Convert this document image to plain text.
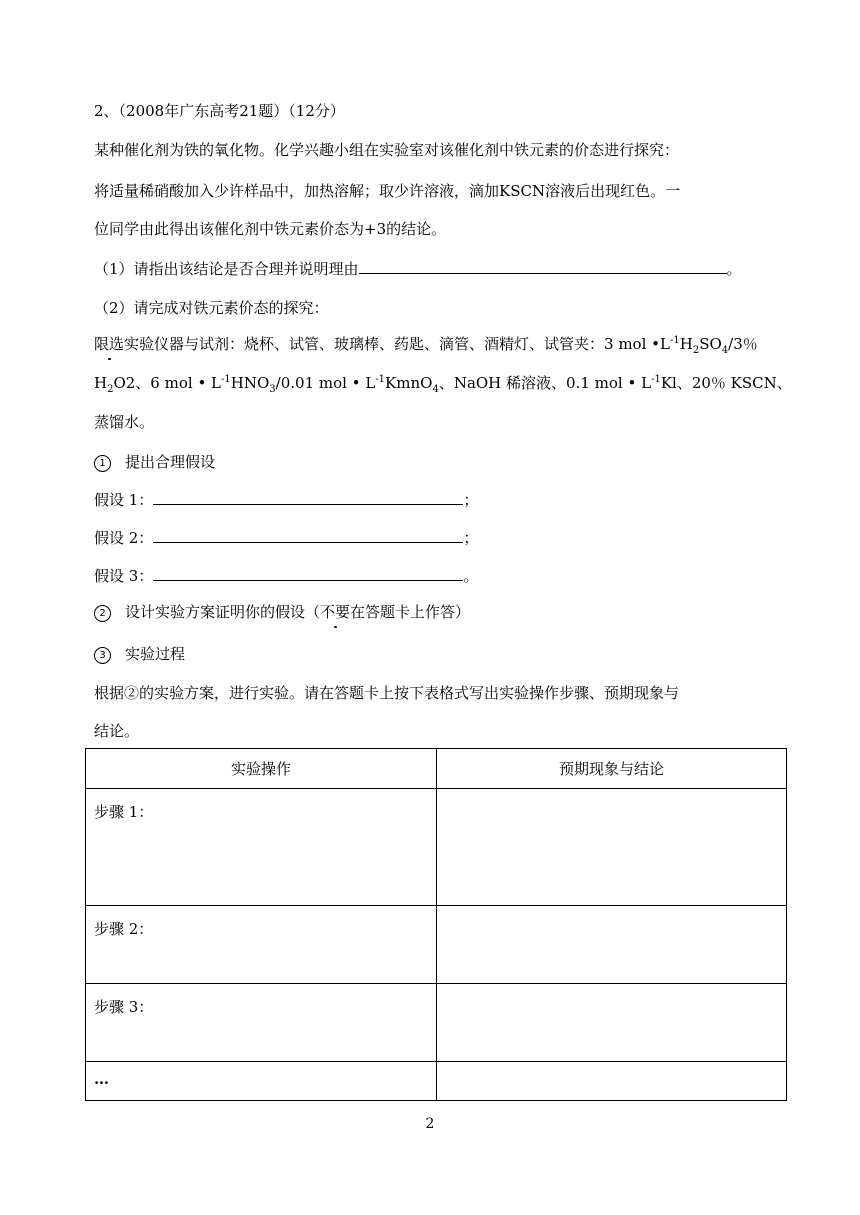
2、（2008年广东高考21题）（12分）
某种催化剂为铁的氧化物。化学兴趣小组在实验室对该催化剂中铁元素的价态进行探究：
将适量稀硝酸加入少许样品中，加热溶解；取少许溶液，滴加KSCN溶液后出现红色。一
位同学由此得出该催化剂中铁元素价态为+3的结论。
（1）请指出该结论是否合理并说明理由	。
（2）请完成对铁元素价态的探究：
限选实验仪器与试剂：烧杯、试管、玻璃棒、药匙、滴管、酒精灯、试管夹：3 mol $•L^{-1}H_2SO_4/3$％
$H_2O2$、6 mol • $L^{-1}HNO_3/0.01$ mol • $L^{-1}KmnO_4$、NaOH 稀溶液、0.1 mol • $L^{-1}Kl$、20％ KSCN、
蒸馏水。
1 提出合理假设
假设 1：	；
假设 2：	；
假设 3：	。
2 设计实验方案证明你的假设（不要在答题卡上作答）
3 实验过程
根据②的实验方案，进行实验。请在答题卡上按下表格式写出实验操作步骤、预期现象与
结论。
实验操作	预期现象与结论
步骤 1：	
步骤 2：	
步骤 3：	
…	
2
